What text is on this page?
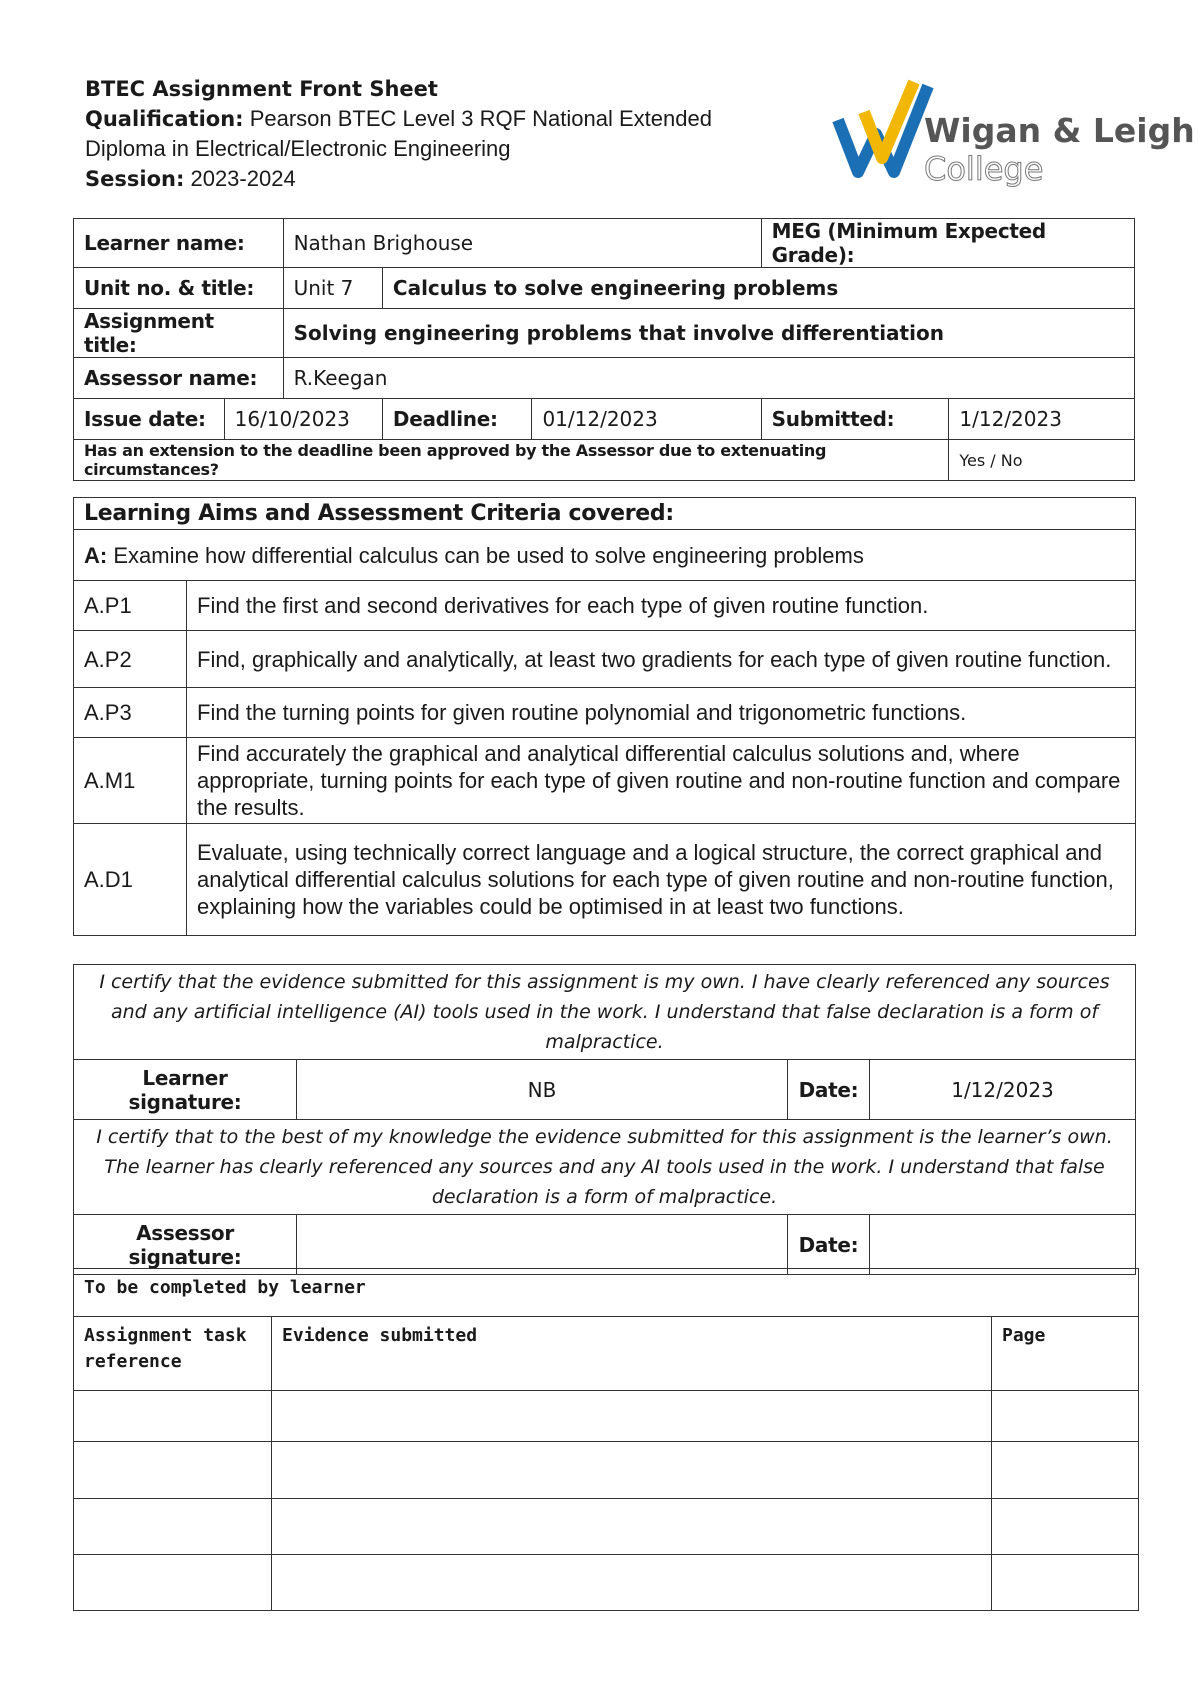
BTEC Assignment Front Sheet
Qualification: Pearson BTEC Level 3 RQF National Extended Diploma in Electrical/Electronic Engineering
Session: 2023-2024
Wigan & Leigh
College
Learner name:		Nathan Brighouse			MEG (Minimum Expected Grade):	
Unit no. & title:		Unit 7	Calculus to solve engineering problems			
Assignment title:		Solving engineering problems that involve differentiation				
Assessor name:		R.Keegan				
Issue date:	16/10/2023		Deadline:	01/12/2023	Submitted:	1/12/2023
Has an extension to the deadline been approved by the Assessor due to extenuating circumstances?						Yes / No
Learning Aims and Assessment Criteria covered:	
A: Examine how differential calculus can be used to solve engineering problems	
A.P1	Find the first and second derivatives for each type of given routine function.
A.P2	Find, graphically and analytically, at least two gradients for each type of given routine function.
A.P3	Find the turning points for given routine polynomial and trigonometric functions.
A.M1	Find accurately the graphical and analytical differential calculus solutions and, where appropriate, turning points for each type of given routine and non-routine function and compare the results.
A.D1	Evaluate, using technically correct language and a logical structure, the correct graphical and analytical differential calculus solutions for each type of given routine and non-routine function, explaining how the variables could be optimised in at least two functions.
I certify that the evidence submitted for this assignment is my own. I have clearly referenced any sources and any artificial intelligence (AI) tools used in the work. I understand that false declaration is a form of malpractice.			
Learner signature:	NB	Date:	1/12/2023
I certify that to the best of my knowledge the evidence submitted for this assignment is the learner’s own. The learner has clearly referenced any sources and any AI tools used in the work. I understand that false declaration is a form of malpractice.			
Assessor signature:		Date:	
To be completed by learner		
Assignment task reference	Evidence submitted	Page
